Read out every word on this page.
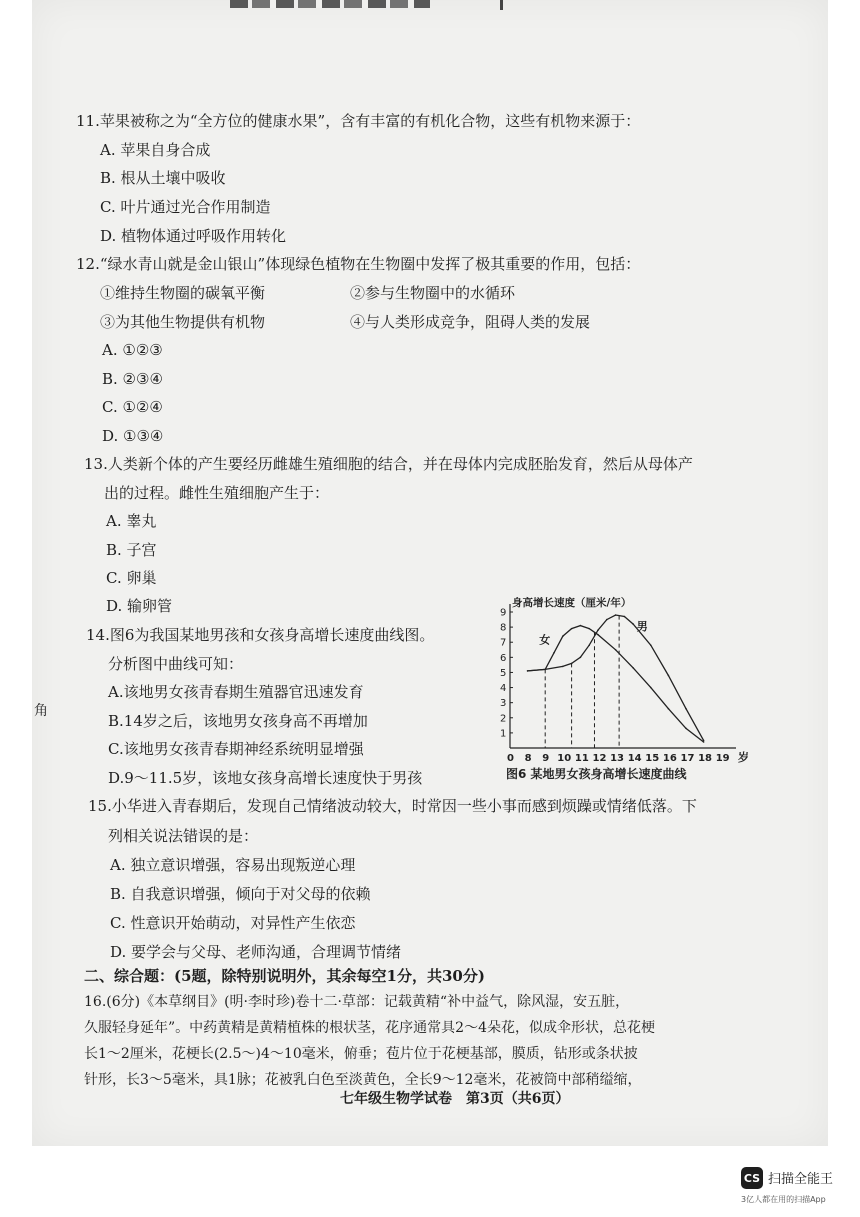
11.苹果被称之为“全方位的健康水果”，含有丰富的有机化合物，这些有机物来源于：
A. 苹果自身合成
B. 根从土壤中吸收
C. 叶片通过光合作用制造
D. 植物体通过呼吸作用转化
12.“绿水青山就是金山银山”体现绿色植物在生物圈中发挥了极其重要的作用，包括：
①维持生物圈的碳氧平衡	②参与生物圈中的水循环
③为其他生物提供有机物	④与人类形成竞争，阻碍人类的发展
A. ①②③
B. ②③④
C. ①②④
D. ①③④
13.人类新个体的产生要经历雌雄生殖细胞的结合，并在母体内完成胚胎发育，然后从母体产
出的过程。雌性生殖细胞产生于：
A. 睾丸
B. 子宫
C. 卵巢
D. 输卵管
14.图6为我国某地男孩和女孩身高增长速度曲线图。
分析图中曲线可知：
A.该地男女孩青春期生殖器官迅速发育
B.14岁之后，该地男女孩身高不再增加
C.该地男女孩青春期神经系统明显增强
D.9～11.5岁，该地女孩身高增长速度快于男孩
身高增长速度（厘米/年）
1
2
3
4
5
6
7
8
9
0 8 9 10 11 12 13 14 15 16 17 18 19 岁
女
男
图6 某地男女孩身高增长速度曲线
15.小华进入青春期后，发现自己情绪波动较大，时常因一些小事而感到烦躁或情绪低落。下
列相关说法错误的是：
A. 独立意识增强，容易出现叛逆心理
B. 自我意识增强，倾向于对父母的依赖
C. 性意识开始萌动，对异性产生依恋
D. 要学会与父母、老师沟通，合理调节情绪
二、综合题：(5题，除特别说明外，其余每空1分，共30分)
16.(6分)《本草纲目》(明·李时珍)卷十二·草部：记载黄精“补中益气，除风湿，安五脏，
久服轻身延年”。中药黄精是黄精植株的根状茎，花序通常具2～4朵花，似成伞形状，总花梗
长1～2厘米，花梗长(2.5～)4～10毫米，俯垂；苞片位于花梗基部，膜质，钻形或条状披
针形，长3～5毫米，具1脉；花被乳白色至淡黄色，全长9～12毫米，花被筒中部稍缢缩，
角
七年级生物学试卷　第3页（共6页）
CS 扫描全能王
3亿人都在用的扫描App
